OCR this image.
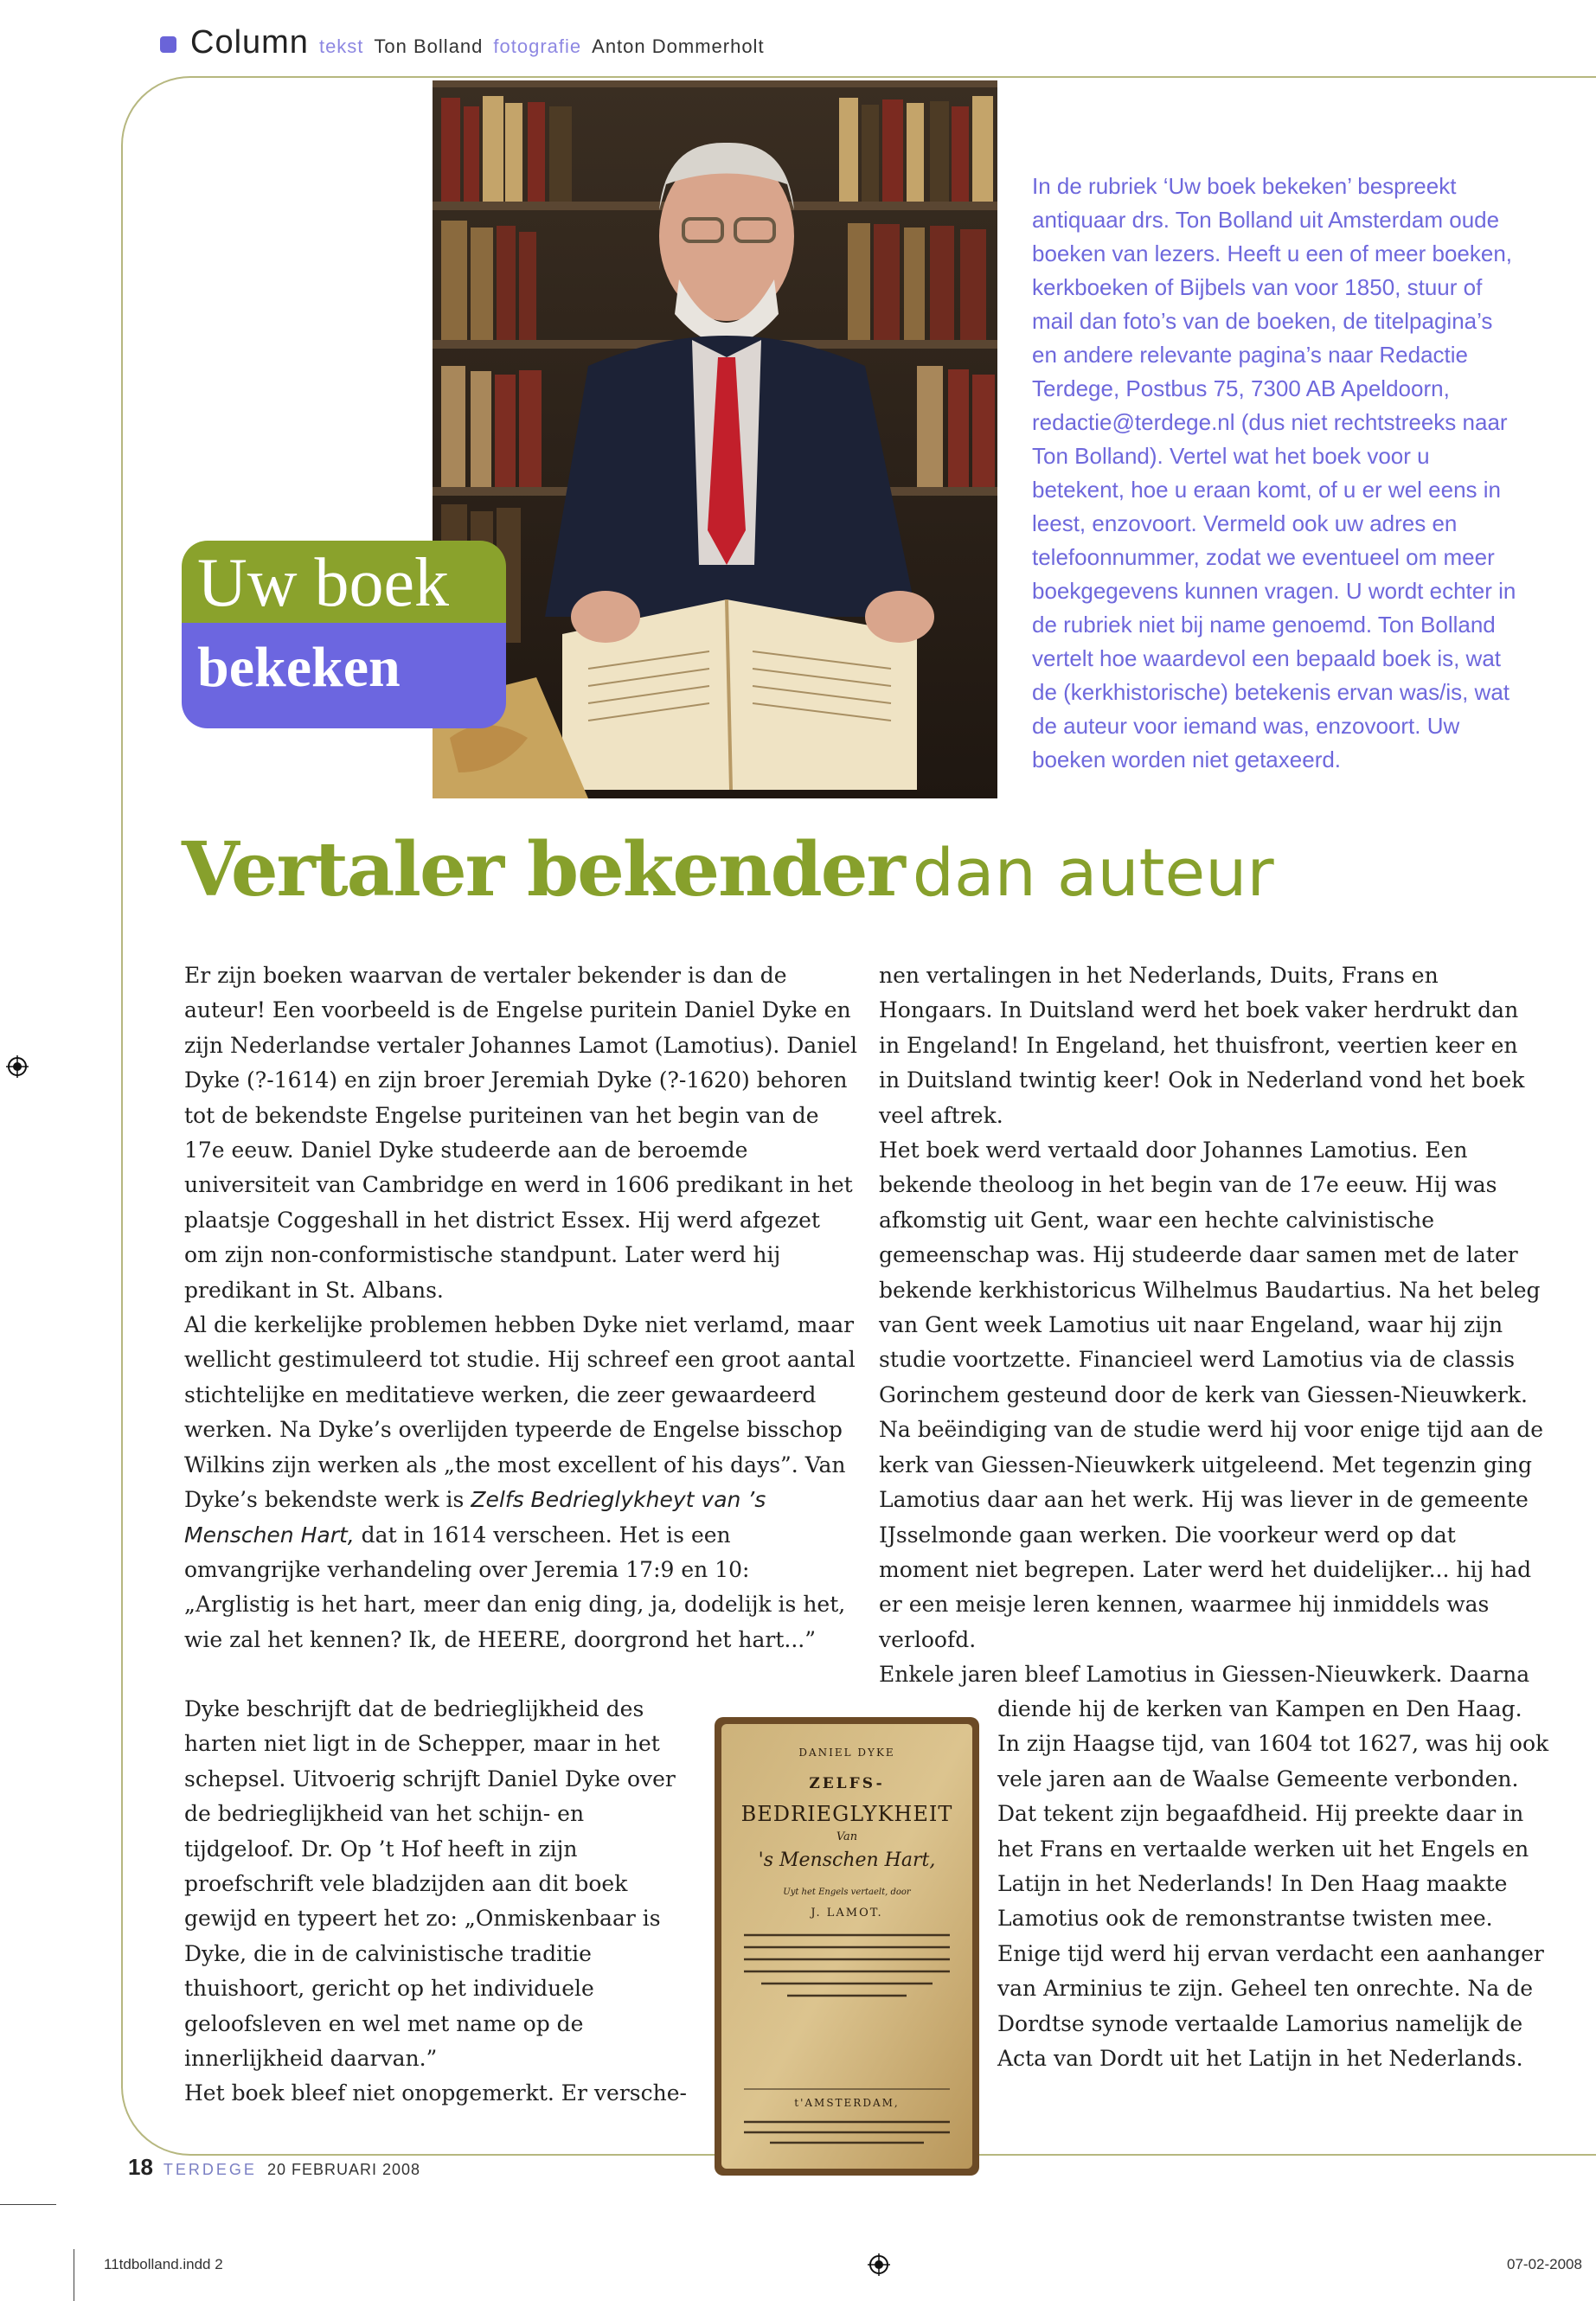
Column tekst Ton Bolland fotografie Anton Dommerholt
Uw boek
bekeken
In de rubriek ‘Uw boek bekeken’ bespreekt antiquaar drs. Ton Bolland uit Amsterdam oude boeken van lezers. Heeft u een of meer boeken, kerkboeken of Bijbels van voor 1850, stuur of mail dan foto’s van de boeken, de titelpagina’s en andere relevante pagina’s naar Redactie Terdege, Postbus 75, 7300 AB Apeldoorn, redactie@terdege.nl (dus niet rechtstreeks naar Ton Bolland). Vertel wat het boek voor u betekent, hoe u eraan komt, of u er wel eens in leest, enzovoort. Vermeld ook uw adres en telefoonnummer, zodat we eventueel om meer boekgegevens kunnen vragen. U wordt echter in de rubriek niet bij name genoemd. Ton Bolland vertelt hoe waardevol een bepaald boek is, wat de (kerkhistorische) betekenis ervan was/is, wat de auteur voor iemand was, enzovoort. Uw boeken worden niet getaxeerd.
Vertaler bekender dan auteur

Er zijn boeken waarvan de vertaler bekender is dan de auteur! Een voorbeeld is de Engelse puritein Daniel Dyke en zijn Nederlandse vertaler Johannes Lamot (Lamotius). Daniel Dyke (?-1614) en zijn broer Jeremiah Dyke (?-1620) behoren tot de bekendste Engelse puriteinen van het begin van de 17e eeuw. Daniel Dyke studeerde aan de beroemde universiteit van Cambridge en werd in 1606 predikant in het plaatsje Coggeshall in het district Essex. Hij werd afgezet om zijn non-conformistische standpunt. Later werd hij predikant in St. Albans.

Al die kerkelijke problemen hebben Dyke niet verlamd, maar wellicht gestimuleerd tot studie. Hij schreef een groot aantal stichtelijke en meditatieve werken, die zeer gewaardeerd werken. Na Dyke’s overlijden typeerde de Engelse bisschop Wilkins zijn werken als „the most excellent of his days”. Van Dyke’s bekendste werk is Zelfs Bedrieglykheyt van ’s Menschen Hart, dat in 1614 verscheen. Het is een omvangrijke verhandeling over Jeremia 17:9 en 10: „Arglistig is het hart, meer dan enig ding, ja, dodelijk is het, wie zal het kennen? Ik, de HEERE, doorgrond het hart...”

Dyke beschrijft dat de bedrieglijkheid des harten niet ligt in de Schepper, maar in het schepsel. Uitvoerig schrijft Daniel Dyke over de bedrieglijkheid van het schijn- en tijdgeloof. Dr. Op ’t Hof heeft in zijn proefschrift vele bladzijden aan dit boek gewijd en typeert het zo: „Onmiskenbaar is Dyke, die in de calvinistische traditie thuishoort, gericht op het individuele geloofsleven en wel met name op de innerlijkheid daarvan.”

Het boek bleef niet onopgemerkt. Er versche-

nen vertalingen in het Nederlands, Duits, Frans en Hongaars. In Duitsland werd het boek vaker herdrukt dan in Engeland! In Engeland, het thuisfront, veertien keer en in Duitsland twintig keer! Ook in Nederland vond het boek veel aftrek.

Het boek werd vertaald door Johannes Lamotius. Een bekende theoloog in het begin van de 17e eeuw. Hij was afkomstig uit Gent, waar een hechte calvinistische gemeenschap was. Hij studeerde daar samen met de later bekende kerkhistoricus Wilhelmus Baudartius. Na het beleg van Gent week Lamotius uit naar Engeland, waar hij zijn studie voortzette. Financieel werd Lamotius via de classis Gorinchem gesteund door de kerk van Giessen-Nieuwkerk.

Na beëindiging van de studie werd hij voor enige tijd aan de kerk van Giessen-Nieuwkerk uitgeleend. Met tegenzin ging Lamotius daar aan het werk. Hij was liever in de gemeente IJsselmonde gaan werken. Die voorkeur werd op dat moment niet begrepen. Later werd het duidelijker... hij had er een meisje leren kennen, waarmee hij inmiddels was verloofd.

Enkele jaren bleef Lamotius in Giessen-Nieuwkerk. Daarna

diende hij de kerken van Kampen en Den Haag. In zijn Haagse tijd, van 1604 tot 1627, was hij ook vele jaren aan de Waalse Gemeente verbonden. Dat tekent zijn begaafdheid. Hij preekte daar in het Frans en vertaalde werken uit het Engels en Latijn in het Nederlands! In Den Haag maakte Lamotius ook de remonstrantse twisten mee. Enige tijd werd hij ervan verdacht een aanhanger van Arminius te zijn. Geheel ten onrechte. Na de Dordtse synode vertaalde Lamorius namelijk de Acta van Dordt uit het Latijn in het Nederlands.

DANIEL DYKE
ZELFS-
BEDRIEGLYKHEIT
Van
's Menschen Hart,
Uyt het Engels vertaelt, door
J. LAMOT.
t'AMSTERDAM,
18 TERDEGE 20 FEBRUARI 2008
11tdbolland.indd 2	07-02-2008
